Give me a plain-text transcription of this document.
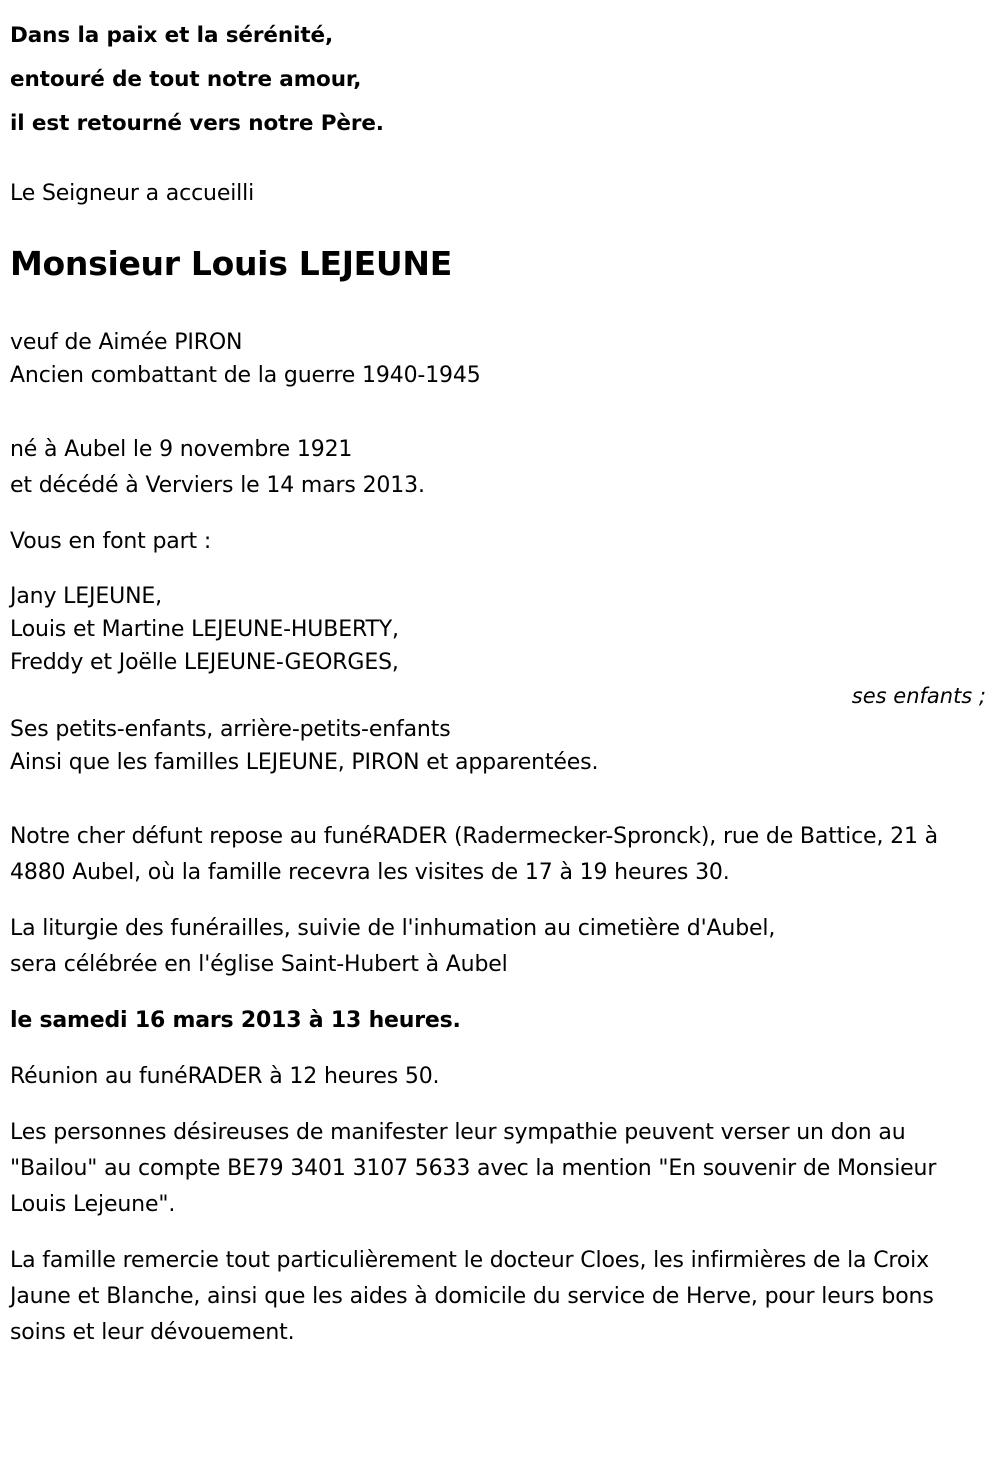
Dans la paix et la sérénité,
entouré de tout notre amour,
il est retourné vers notre Père.
Le Seigneur a accueilli
Monsieur Louis LEJEUNE
veuf de Aimée PIRON
Ancien combattant de la guerre 1940-1945
né à Aubel le 9 novembre 1921
et décédé à Verviers le 14 mars 2013.
Vous en font part :
Jany LEJEUNE,
Louis et Martine LEJEUNE-HUBERTY,
Freddy et Joëlle LEJEUNE-GEORGES,
ses enfants ;
Ses petits-enfants, arrière-petits-enfants
Ainsi que les familles LEJEUNE, PIRON et apparentées.
Notre cher défunt repose au funéRADER (Radermecker-Spronck), rue de Battice, 21 à 4880 Aubel, où la famille recevra les visites de 17 à 19 heures 30.
La liturgie des funérailles, suivie de l'inhumation au cimetière d'Aubel,
sera célébrée en l'église Saint-Hubert à Aubel
le samedi 16 mars 2013 à 13 heures.
Réunion au funéRADER à 12 heures 50.
Les personnes désireuses de manifester leur sympathie peuvent verser un don au "Bailou" au compte BE79 3401 3107 5633 avec la mention "En souvenir de Monsieur Louis Lejeune".
La famille remercie tout particulièrement le docteur Cloes, les infirmières de la Croix Jaune et Blanche, ainsi que les aides à domicile du service de Herve, pour leurs bons soins et leur dévouement.
